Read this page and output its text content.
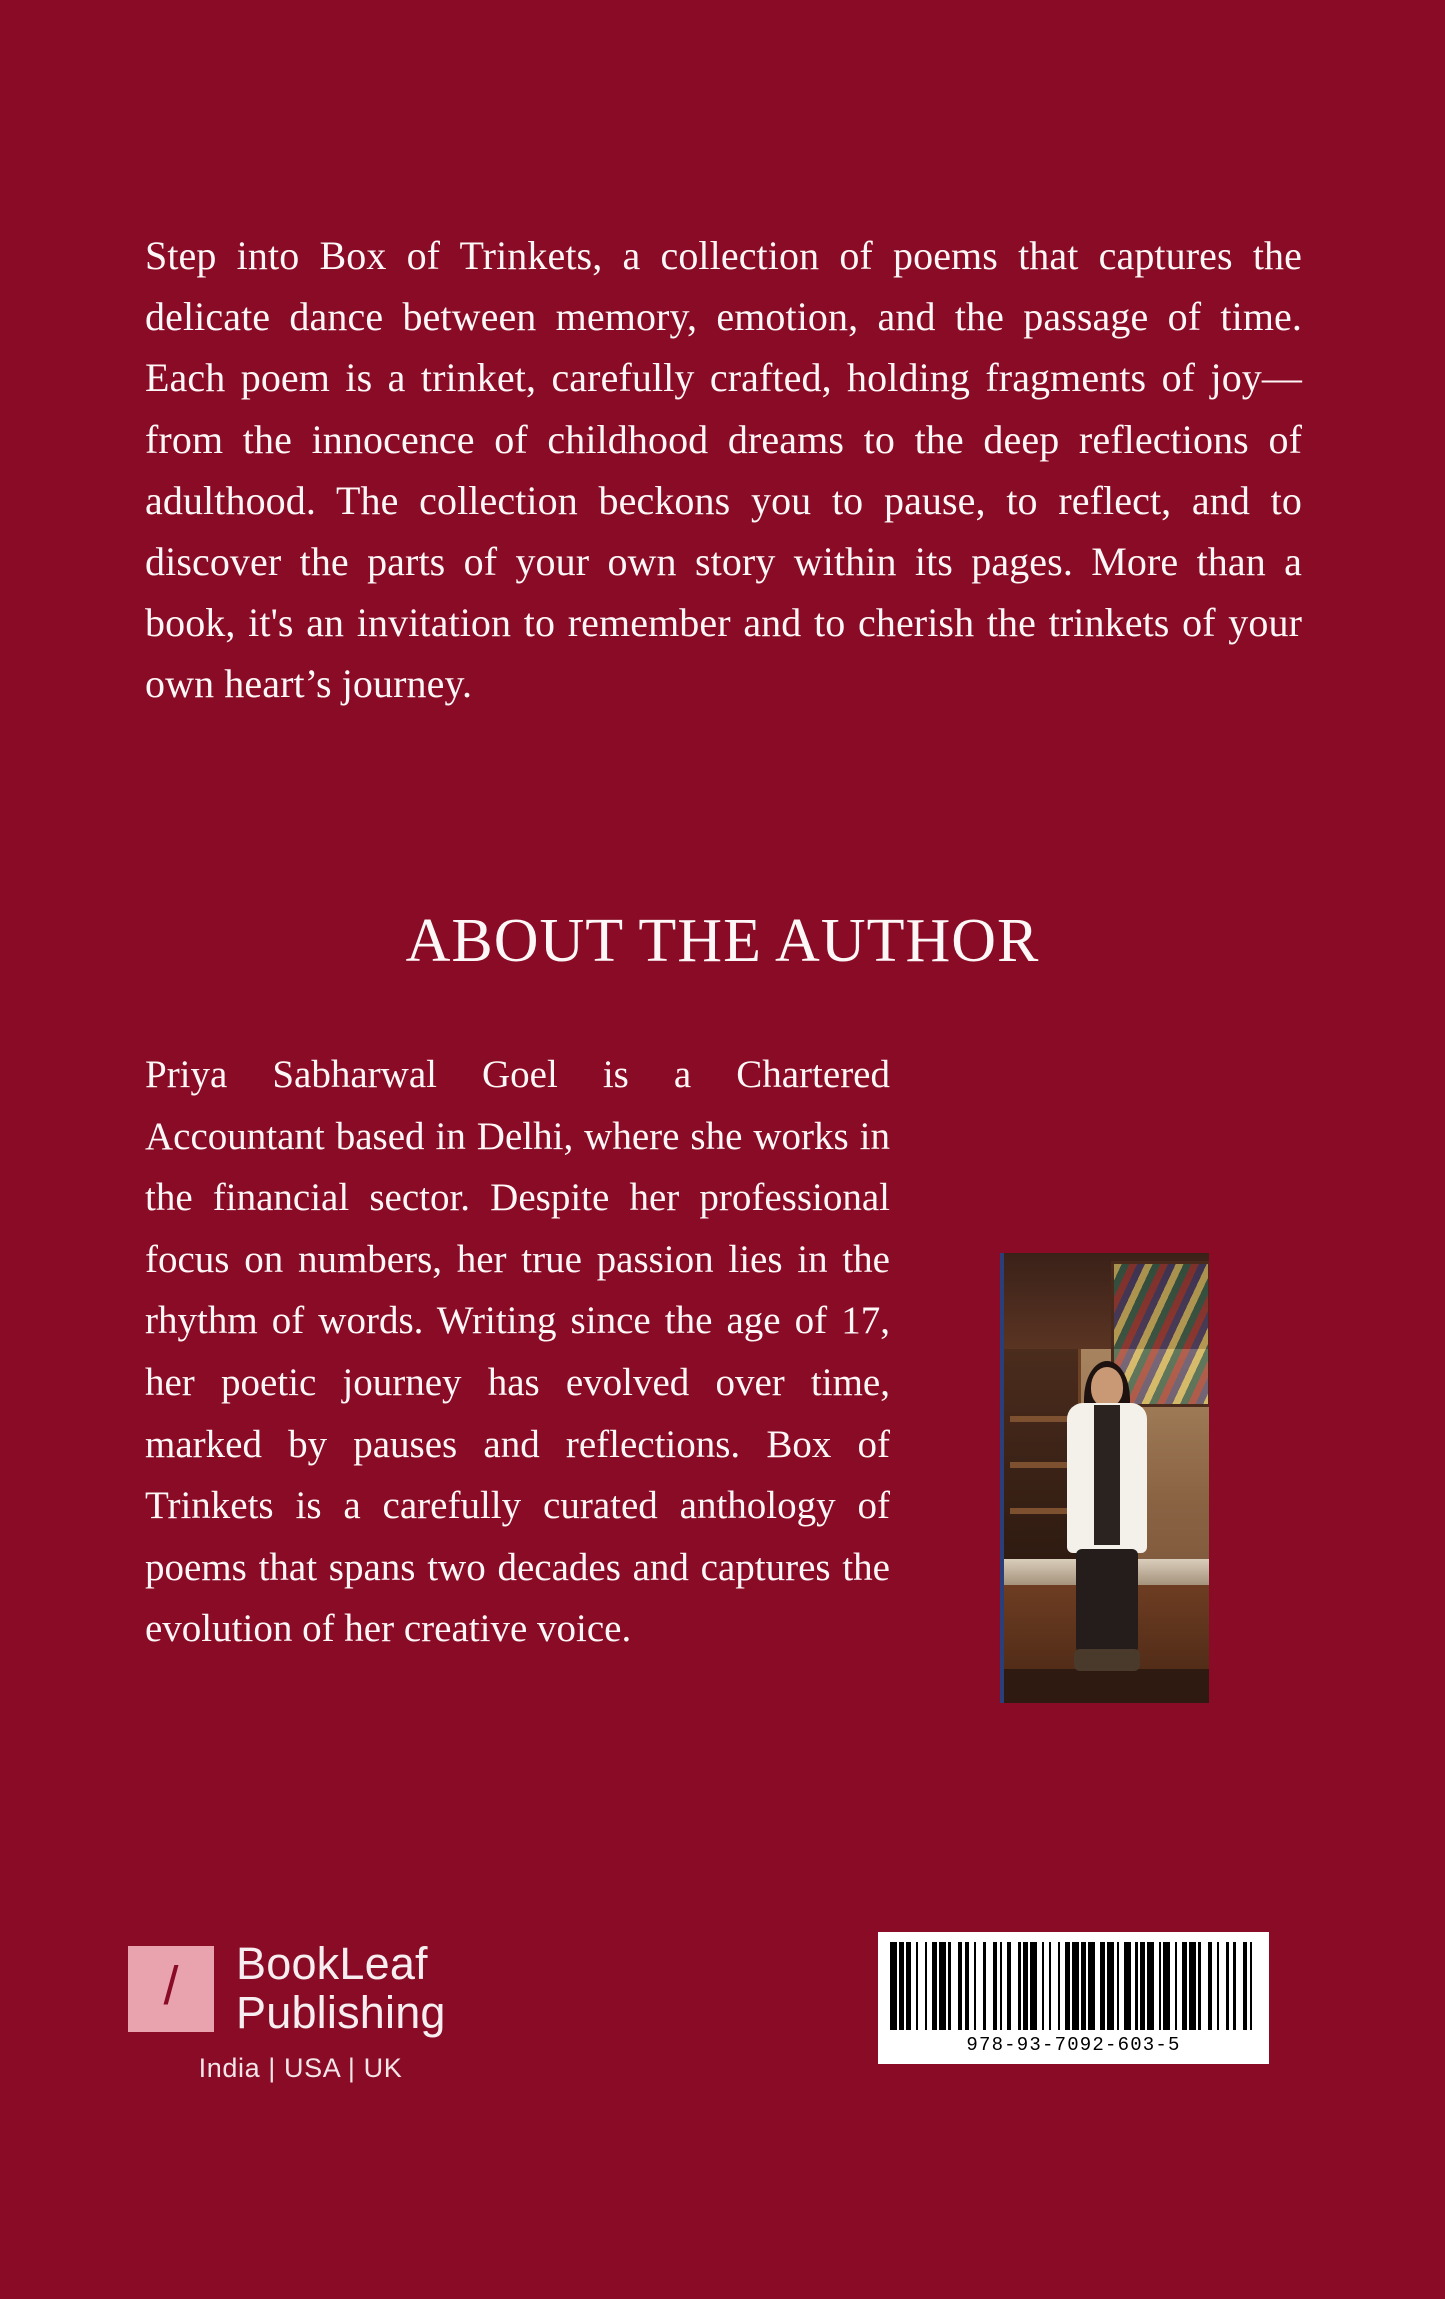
Step into Box of Trinkets, a collection of poems that captures the delicate dance between memory, emotion, and the passage of time. Each poem is a trinket, carefully crafted, holding fragments of joy—from the innocence of childhood dreams to the deep reflections of adulthood. The collection beckons you to pause, to reflect, and to discover the parts of your own story within its pages. More than a book, it's an invitation to remember and to cherish the trinkets of your own heart’s journey.

ABOUT THE AUTHOR

Priya Sabharwal Goel is a Chartered Accountant based in Delhi, where she works in the financial sector. Despite her professional focus on numbers, her true passion lies in the rhythm of words. Writing since the age of 17, her poetic journey has evolved over time, marked by pauses and reflections. Box of Trinkets is a carefully curated anthology of poems that spans two decades and captures the evolution of her creative voice.

/ BookLeaf
Publishing
India | USA | UK
978-93-7092-603-5
